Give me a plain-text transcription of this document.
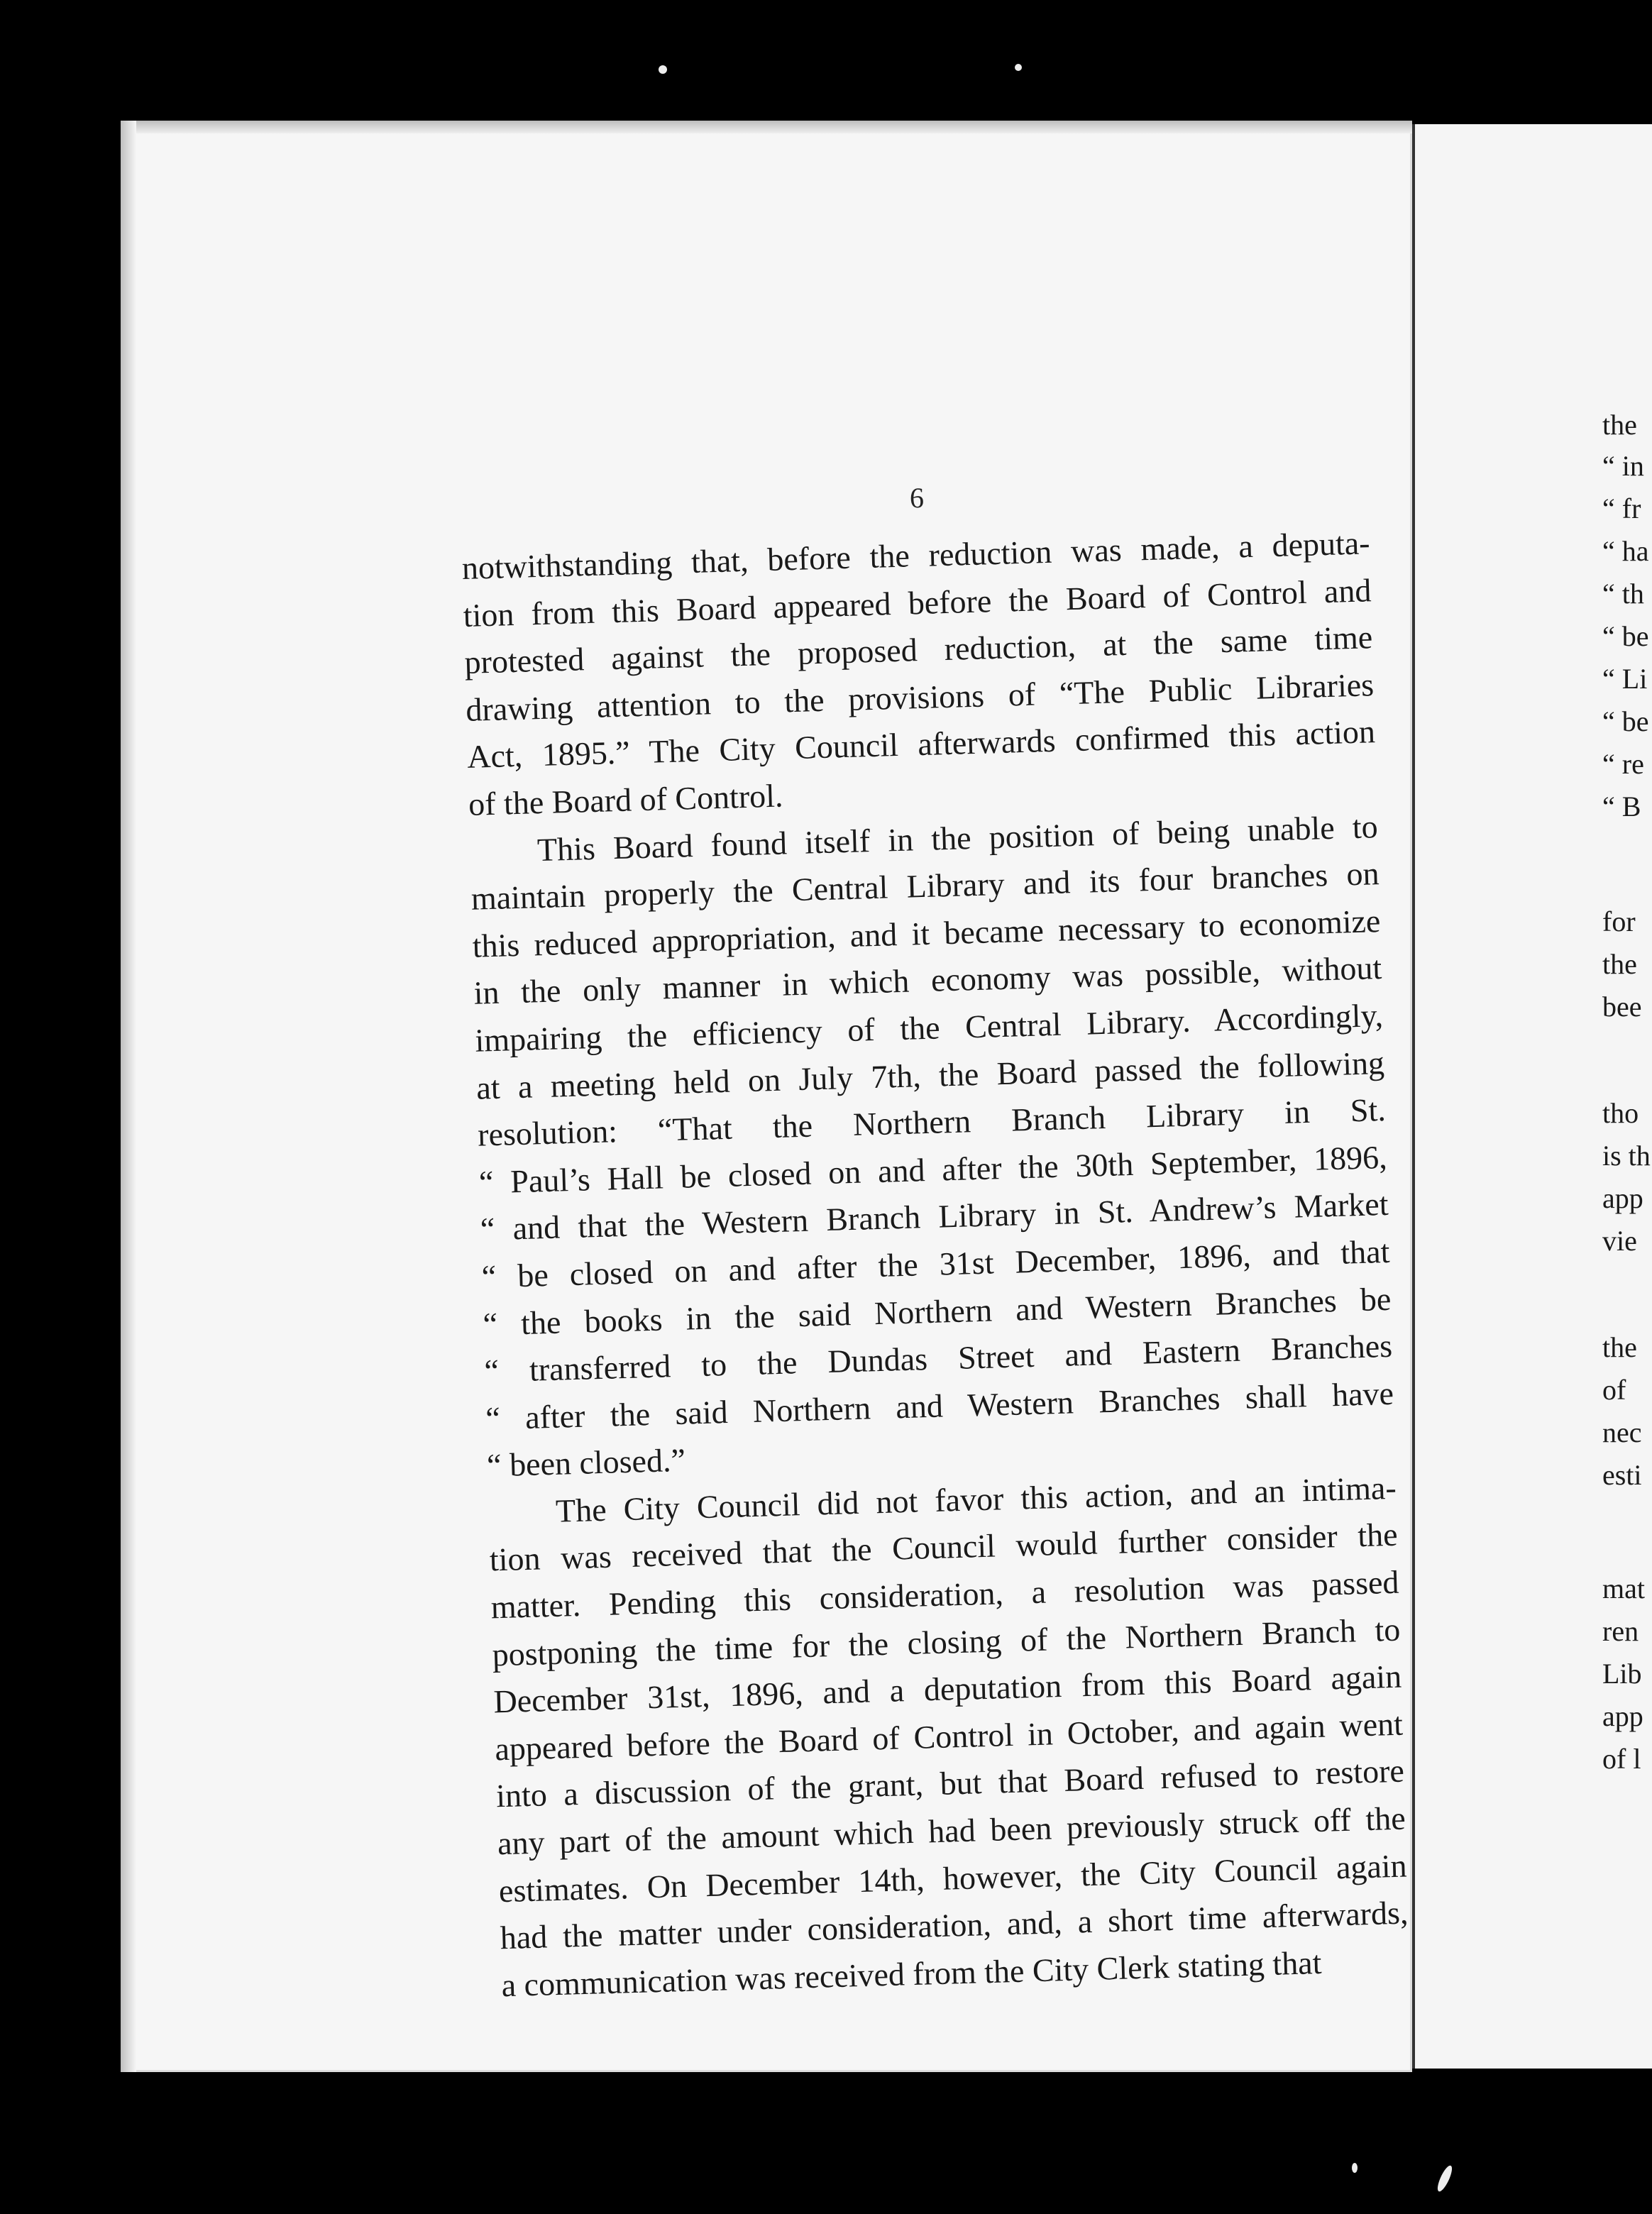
6
notwithstanding that, before the reduction was made, a deputa-
tion from this Board appeared before the Board of Control and
protested against the proposed reduction, at the same time
drawing attention to the provisions of “The Public Libraries
Act, 1895.” The City Council afterwards confirmed this action
of the Board of Control.
This Board found itself in the position of being unable to
maintain properly the Central Library and its four branches on
this reduced appropriation, and it became necessary to economize
in the only manner in which economy was possible, without
impairing the efficiency of the Central Library. Accordingly,
at a meeting held on July 7th, the Board passed the following
resolution: “That the Northern Branch Library in St.
“ Paul’s Hall be closed on and after the 30th September, 1896,
“ and that the Western Branch Library in St. Andrew’s Market
“ be closed on and after the 31st December, 1896, and that
“ the books in the said Northern and Western Branches be
“ transferred to the Dundas Street and Eastern Branches
“ after the said Northern and Western Branches shall have
“ been closed.”
The City Council did not favor this action, and an intima-
tion was received that the Council would further consider the
matter. Pending this consideration, a resolution was passed
postponing the time for the closing of the Northern Branch to
December 31st, 1896, and a deputation from this Board again
appeared before the Board of Control in October, and again went
into a discussion of the grant, but that Board refused to restore
any part of the amount which had been previously struck off the
estimates. On December 14th, however, the City Council again
had the matter under consideration, and, a short time afterwards,
a communication was received from the City Clerk stating that
the
“ in
“ fr
“ ha
“ th
“ be
“ Li
“ be
“ re
“ B
for
the
bee
tho
is th
app
vie
the
of
nec
esti
mat
ren
Lib
app
of l
